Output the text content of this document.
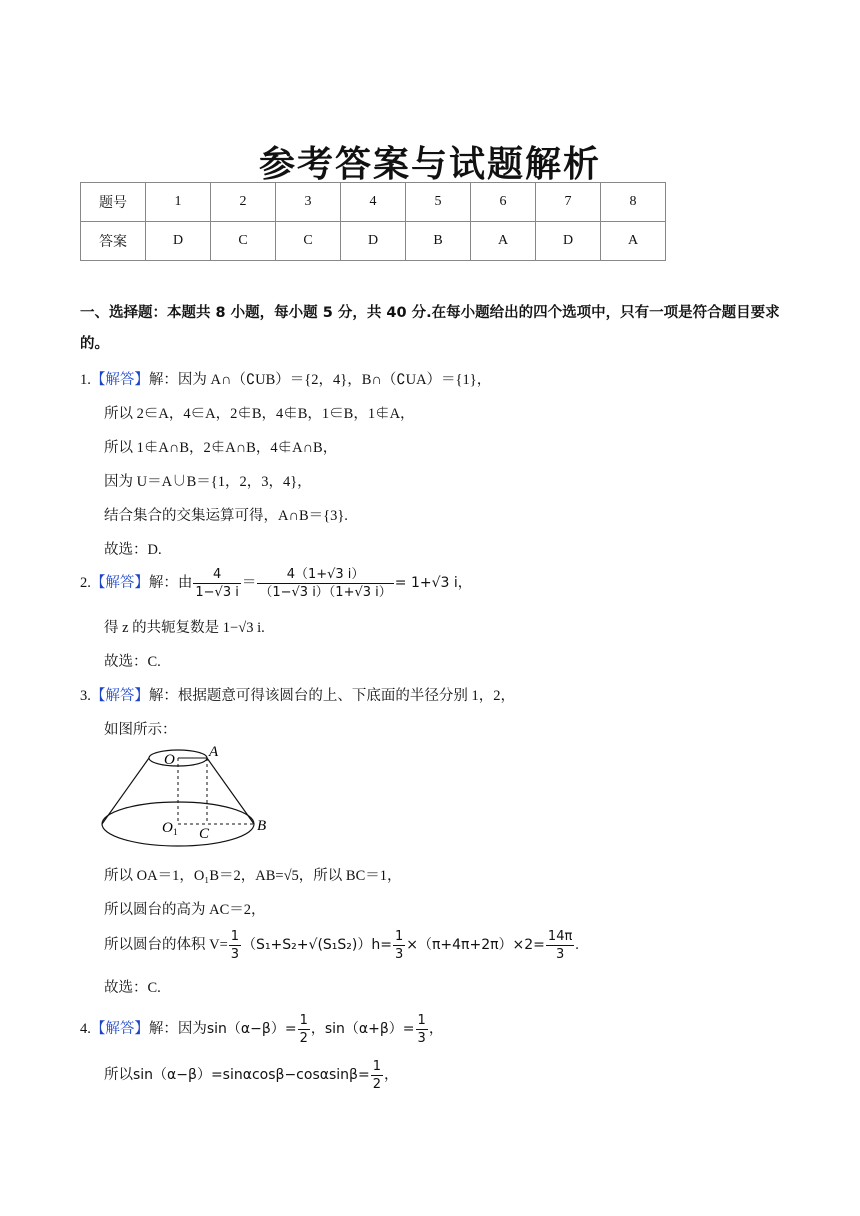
参考答案与试题解析
题号	1	2	3	4	5	6	7	8
答案	D	C	C	D	B	A	D	A
一、选择题：本题共 8 小题，每小题 5 分，共 40 分.在每小题给出的四个选项中，只有一项是符合题目要求的。
1.【解答】解：因为 A∩（∁UB）＝{2，4}，B∩（∁UA）＝{1}，
所以 2∈A，4∈A，2∉B，4∉B，1∈B，1∉A，
所以 1∉A∩B，2∉A∩B，4∉A∩B，
因为 U＝A∪B＝{1，2，3，4}，
结合集合的交集运算可得，A∩B＝{3}.
故选：D.
2.【解答】解：由 $\frac{4}{1-√3 i} = \frac{4(1+√3 i)}{(1-√3 i)(1+√3 i)} = 1+√3$ i，
得 z 的共轭复数是 1−√3 i.
故选：C.
3.【解答】解：根据题意可得该圆台的上、下底面的半径分别 1，2，
如图所示：
O A
O 1 C	B
所以 OA＝1，O₁B＝2，AB=√5，所以 BC＝1，
所以圆台的高为 AC＝2，
所以圆台的体积 $V= \frac{1}{3} (S_1+S_2+√(S_1S_2))h= \frac{1}{3} \times(\pi+4\pi+2\pi)\times 2= \frac{14\pi}{3}$ .
故选：C.
4.【解答】解：因为$\sin(\alpha-\beta)= \frac{1}{2}$ ，$\sin(\alpha+\beta)= \frac{1}{3}$ ，
所以$\sin(\alpha-\beta)=\sin\alpha\cos\beta-\cos\alpha\sin\beta= \frac{1}{2}$ ，
